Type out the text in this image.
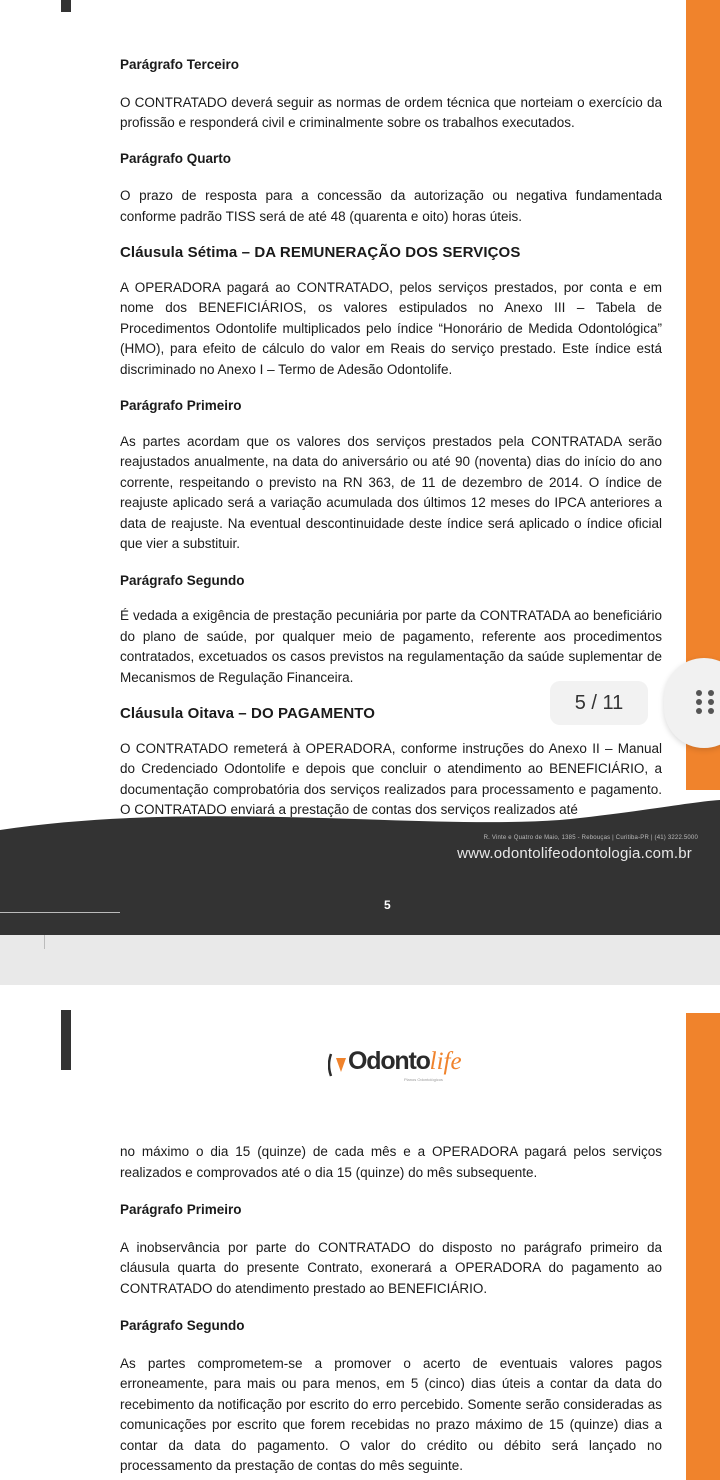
Parágrafo Terceiro

O CONTRATADO deverá seguir as normas de ordem técnica que norteiam o exercício da profissão e responderá civil e criminalmente sobre os trabalhos executados.

Parágrafo Quarto

O prazo de resposta para a concessão da autorização ou negativa fundamentada conforme padrão TISS será de até 48 (quarenta e oito) horas úteis.

Cláusula Sétima – DA REMUNERAÇÃO DOS SERVIÇOS

A OPERADORA pagará ao CONTRATADO, pelos serviços prestados, por conta e em nome dos BENEFICIÁRIOS, os valores estipulados no Anexo III – Tabela de Procedimentos Odontolife multiplicados pelo índice “Honorário de Medida Odontológica” (HMO), para efeito de cálculo do valor em Reais do serviço prestado. Este índice está discriminado no Anexo I – Termo de Adesão Odontolife.

Parágrafo Primeiro

As partes acordam que os valores dos serviços prestados pela CONTRATADA serão reajustados anualmente, na data do aniversário ou até 90 (noventa) dias do início do ano corrente, respeitando o previsto na RN 363, de 11 de dezembro de 2014. O índice de reajuste aplicado será a variação acumulada dos últimos 12 meses do IPCA anteriores a data de reajuste. Na eventual descontinuidade deste índice será aplicado o índice oficial que vier a substituir.

Parágrafo Segundo

É vedada a exigência de prestação pecuniária por parte da CONTRATADA ao beneficiário do plano de saúde, por qualquer meio de pagamento, referente aos procedimentos contratados, excetuados os casos previstos na regulamentação da saúde suplementar de Mecanismos de Regulação Financeira.

Cláusula Oitava – DO PAGAMENTO

O CONTRATADO remeterá à OPERADORA, conforme instruções do Anexo II – Manual do Credenciado Odontolife e depois que concluir o atendimento ao BENEFICIÁRIO, a documentação comprobatória dos serviços realizados para processamento e pagamento. O CONTRATADO enviará a prestação de contas dos serviços realizados até

R. Vinte e Quatro de Maio, 1385 - Rebouças | Curitiba-PR | (41) 3222.5000
www.odontolifeodontologia.com.br
5

no máximo o dia 15 (quinze) de cada mês e a OPERADORA pagará pelos serviços realizados e comprovados até o dia 15 (quinze) do mês subsequente.

Parágrafo Primeiro

A inobservância por parte do CONTRATADO do disposto no parágrafo primeiro da cláusula quarta do presente Contrato, exonerará a OPERADORA do pagamento ao CONTRATADO do atendimento prestado ao BENEFICIÁRIO.

Parágrafo Segundo

As partes comprometem-se a promover o acerto de eventuais valores pagos erroneamente, para mais ou para menos, em 5 (cinco) dias úteis a contar da data do recebimento da notificação por escrito do erro percebido. Somente serão consideradas as comunicações por escrito que forem recebidas no prazo máximo de 15 (quinze) dias a contar da data do pagamento. O valor do crédito ou débito será lançado no processamento da prestação de contas do mês seguinte.

Odontolife
Planos Odontológicos
5 / 11
